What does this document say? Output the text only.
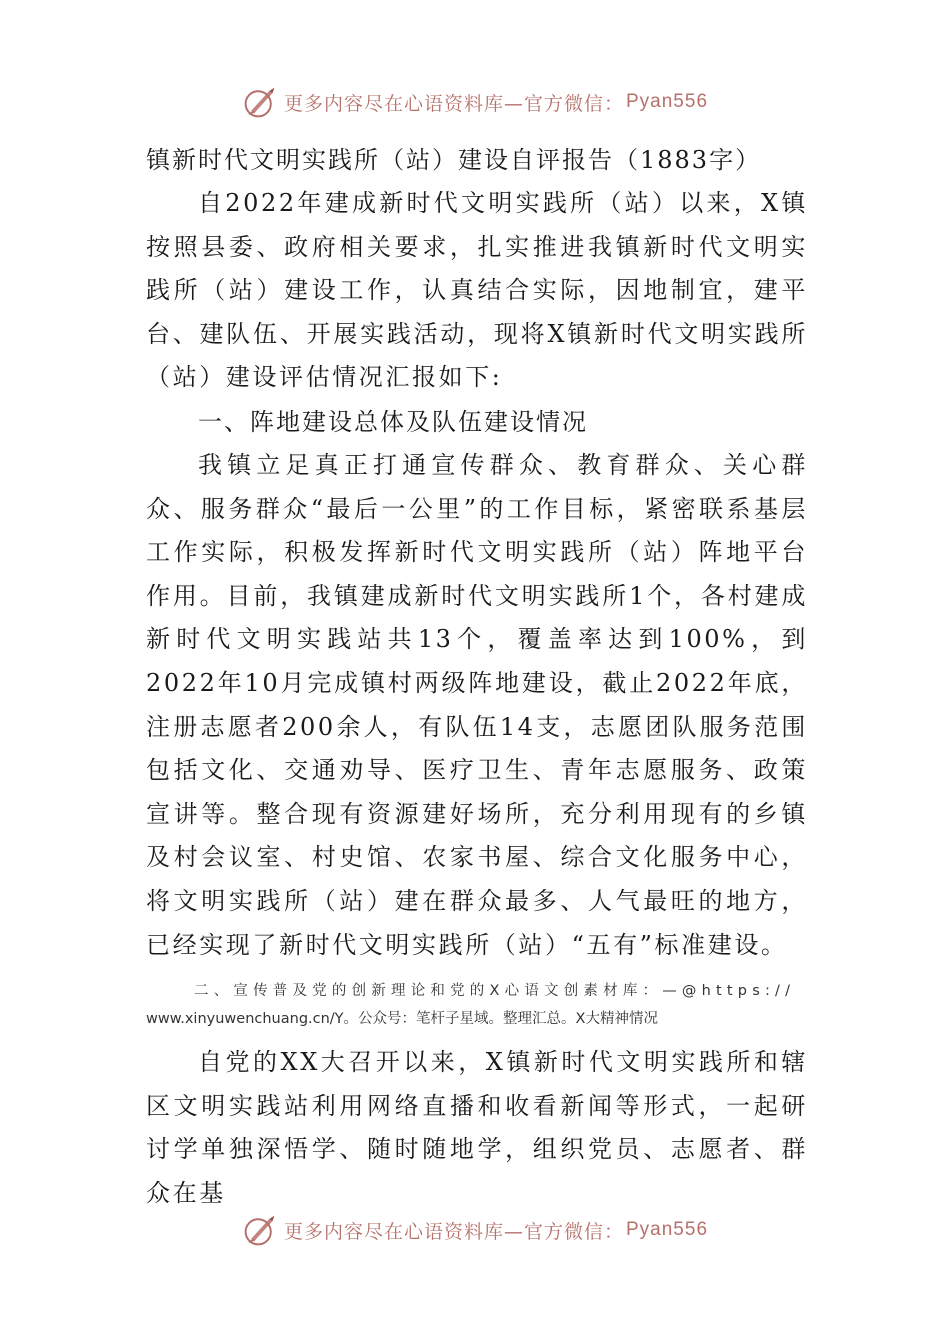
更多内容尽在心语资料库—官方微信： Pyan556
镇新时代文明实践所（站）建设自评报告（1883字）

自2022年建成新时代文明实践所（站）以来，X镇按照县委、政府相关要求，扎实推进我镇新时代文明实践所（站）建设工作，认真结合实际，因地制宜，建平台、建队伍、开展实践活动，现将X镇新时代文明实践所（站）建设评估情况汇报如下:

一、阵地建设总体及队伍建设情况

我镇立足真正打通宣传群众、教育群众、关心群众、服务群众“最后一公里”的工作目标，紧密联系基层工作实际，积极发挥新时代文明实践所（站）阵地平台作用。目前，我镇建成新时代文明实践所1个，各村建成新时代文明实践站共13个，覆盖率达到100%，到2022年10月完成镇村两级阵地建设，截止2022年底，注册志愿者200余人，有队伍14支，志愿团队服务范围包括文化、交通劝导、医疗卫生、青年志愿服务、政策宣讲等。整合现有资源建好场所，充分利用现有的乡镇及村会议室、村史馆、农家书屋、综合文化服务中心，将文明实践所（站）建在群众最多、人气最旺的地方，已经实现了新时代文明实践所（站）“五有”标准建设。

二、宣传普及党的创新理论和党的X心语文创素材库：—@https://
www.xinyuwenchuang.cn/Y。公众号：笔杆子星域。整理汇总。X大精神情况

自党的XX大召开以来，X镇新时代文明实践所和辖区文明实践站利用网络直播和收看新闻等形式，一起研讨学单独深悟学、随时随地学，组织党员、志愿者、群众在基

更多内容尽在心语资料库—官方微信： Pyan556
